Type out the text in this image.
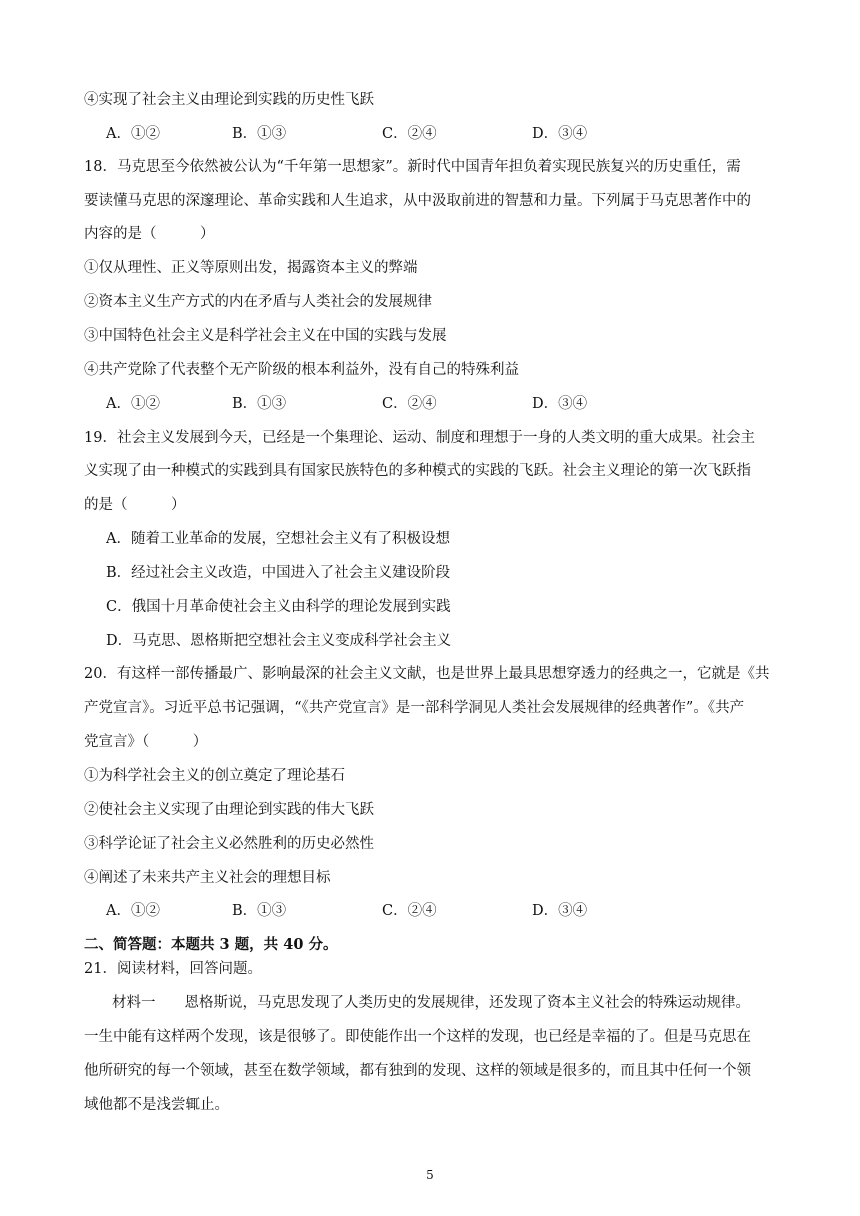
④实现了社会主义由理论到实践的历史性飞跃
A．①②	B．①③	C．②④	D．③④
18．马克思至今依然被公认为“千年第一思想家”。新时代中国青年担负着实现民族复兴的历史重任，需
要读懂马克思的深邃理论、革命实践和人生追求，从中汲取前进的智慧和力量。下列属于马克思著作中的
内容的是（　　　）
①仅从理性、正义等原则出发，揭露资本主义的弊端
②资本主义生产方式的内在矛盾与人类社会的发展规律
③中国特色社会主义是科学社会主义在中国的实践与发展
④共产党除了代表整个无产阶级的根本利益外，没有自己的特殊利益
A．①②	B．①③	C．②④	D．③④
19．社会主义发展到今天，已经是一个集理论、运动、制度和理想于一身的人类文明的重大成果。社会主
义实现了由一种模式的实践到具有国家民族特色的多种模式的实践的飞跃。社会主义理论的第一次飞跃指
的是（　　　）
A．随着工业革命的发展，空想社会主义有了积极设想
B．经过社会主义改造，中国进入了社会主义建设阶段
C．俄国十月革命使社会主义由科学的理论发展到实践
D．马克思、恩格斯把空想社会主义变成科学社会主义
20．有这样一部传播最广、影响最深的社会主义文献，也是世界上最具思想穿透力的经典之一，它就是《共
产党宣言》。习近平总书记强调，“《共产党宣言》是一部科学洞见人类社会发展规律的经典著作”。《共产
党宣言》（　　　）
①为科学社会主义的创立奠定了理论基石
②使社会主义实现了由理论到实践的伟大飞跃
③科学论证了社会主义必然胜利的历史必然性
④阐述了未来共产主义社会的理想目标
A．①②	B．①③	C．②④	D．③④
二、简答题：本题共 3 题，共 40 分。
21．阅读材料，回答问题。
材料一　　恩格斯说，马克思发现了人类历史的发展规律，还发现了资本主义社会的特殊运动规律。
一生中能有这样两个发现，该是很够了。即使能作出一个这样的发现，也已经是幸福的了。但是马克思在
他所研究的每一个领域，甚至在数学领域，都有独到的发现、这样的领域是很多的，而且其中任何一个领
域他都不是浅尝辄止。
5
